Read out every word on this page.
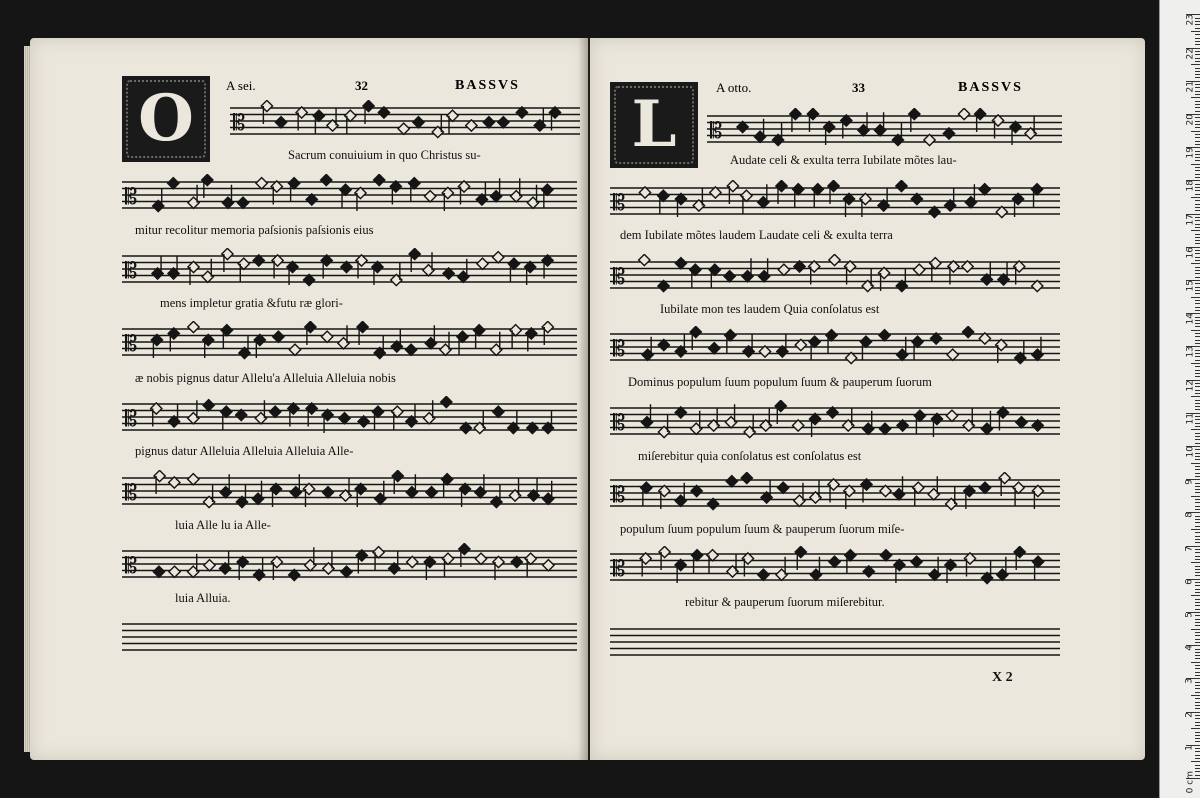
O	A sei.	32	BASSVS
𝄡
Sacrum conuiuium in quo Christus su-
𝄡
mitur recolitur memoria paſsionis paſsionis eius
𝄡
mens impletur gratia &futu ræ glori-
𝄡
æ nobis pignus datur Allelu'a Alleluia Alleluia nobis
𝄡
pignus datur Alleluia Alleluia Alleluia Alle-
𝄡
luia Alle lu ia Alle-
𝄡
luia Alluia.
L	A otto.	33	BASSVS
𝄡
Audate celi & exulta terra Iubilate mõtes lau-
𝄡
dem Iubilate mõtes laudem Laudate celi & exulta terra
𝄡
Iubilate mon tes laudem Quia conſolatus est
𝄡
Dominus populum ſuum populum ſuum & pauperum ſuorum
𝄡
miſerebitur quia conſolatus est conſolatus est
𝄡
populum ſuum populum ſuum & pauperum ſuorum miſe-
𝄡
rebitur & pauperum ſuorum miſerebitur.
X 2
0 cm
1
2
3
4
5
6
7
8
9
10
11
12
13
14
15
16
17
18
19
20
21
22
23
